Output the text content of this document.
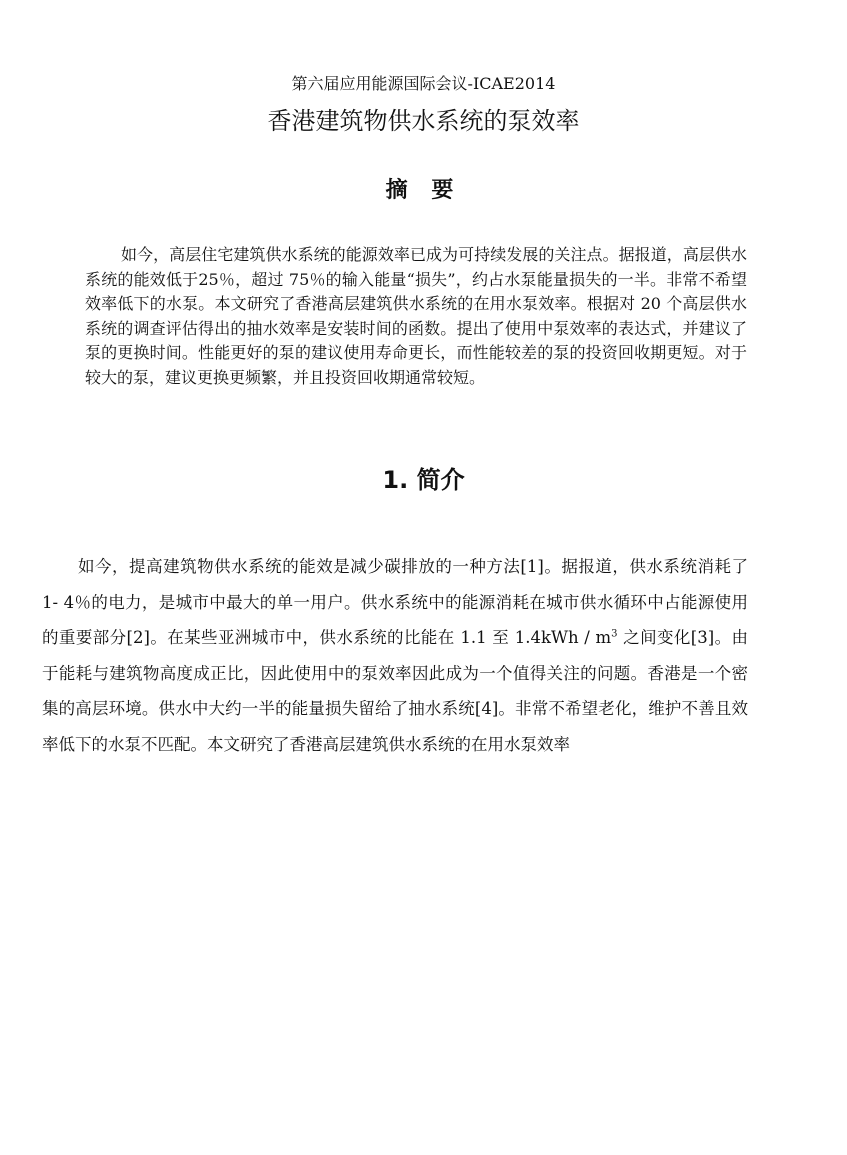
第六届应用能源国际会议-ICAE2014
香港建筑物供水系统的泵效率
摘 要

如今，高层住宅建筑供水系统的能源效率已成为可持续发展的关注点。据报道，高层供水系统的能效低于25％，超过 75％的输入能量“损失”，约占水泵能量损失的一半。非常不希望效率低下的水泵。本文研究了香港高层建筑供水系统的在用水泵效率。根据对 20 个高层供水系统的调查评估得出的抽水效率是安装时间的函数。提出了使用中泵效率的表达式，并建议了泵的更换时间。性能更好的泵的建议使用寿命更长，而性能较差的泵的投资回收期更短。对于较大的泵，建议更换更频繁，并且投资回收期通常较短。

1. 简介

如今，提高建筑物供水系统的能效是减少碳排放的一种方法[1]。据报道，供水系统消耗了 1- 4％的电力，是城市中最大的单一用户。供水系统中的能源消耗在城市供水循环中占能源使用的重要部分[2]。在某些亚洲城市中，供水系统的比能在 1.1 至 $1.4kWh / m^3$ 之间变化[3]。由于能耗与建筑物高度成正比，因此使用中的泵效率因此成为一个值得关注的问题。香港是一个密集的高层环境。供水中大约一半的能量损失留给了抽水系统[4]。非常不希望老化，维护不善且效率低下的水泵不匹配。本文研究了香港高层建筑供水系统的在用水泵效率
